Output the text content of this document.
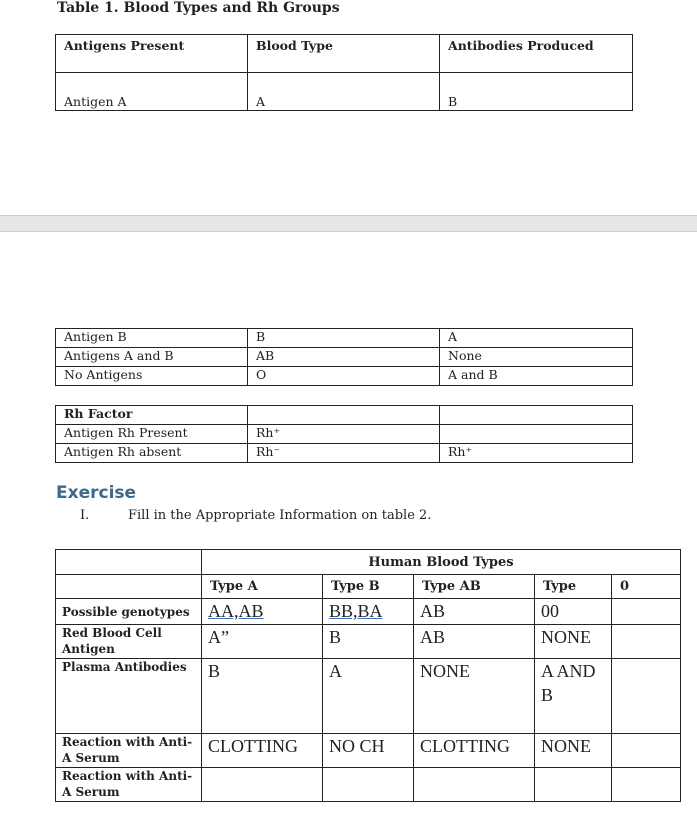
Table 1. Blood Types and Rh Groups
Antigens Present	Blood Type	Antibodies Produced
Antigen A	A	B
Antigen B	B	A
Antigens A and B	AB	None
No Antigens	O	A and B
Rh Factor		
Antigen Rh Present	Rh⁺	
Antigen Rh absent	Rh⁻	Rh⁺
Exercise
I.	Fill in the Appropriate Information on table 2.
	Human Blood Types				
	Type A	Type B	Type AB	Type	0
Possible genotypes	AA,AB	BB,BA	AB	00	
Red Blood Cell Antigen	A”	B	AB	NONE	
Plasma Antibodies	B	A	NONE	A AND B	
Reaction with Anti-A Serum	CLOTTING	NO CH	CLOTTING	NONE	
Reaction with Anti-A Serum					
